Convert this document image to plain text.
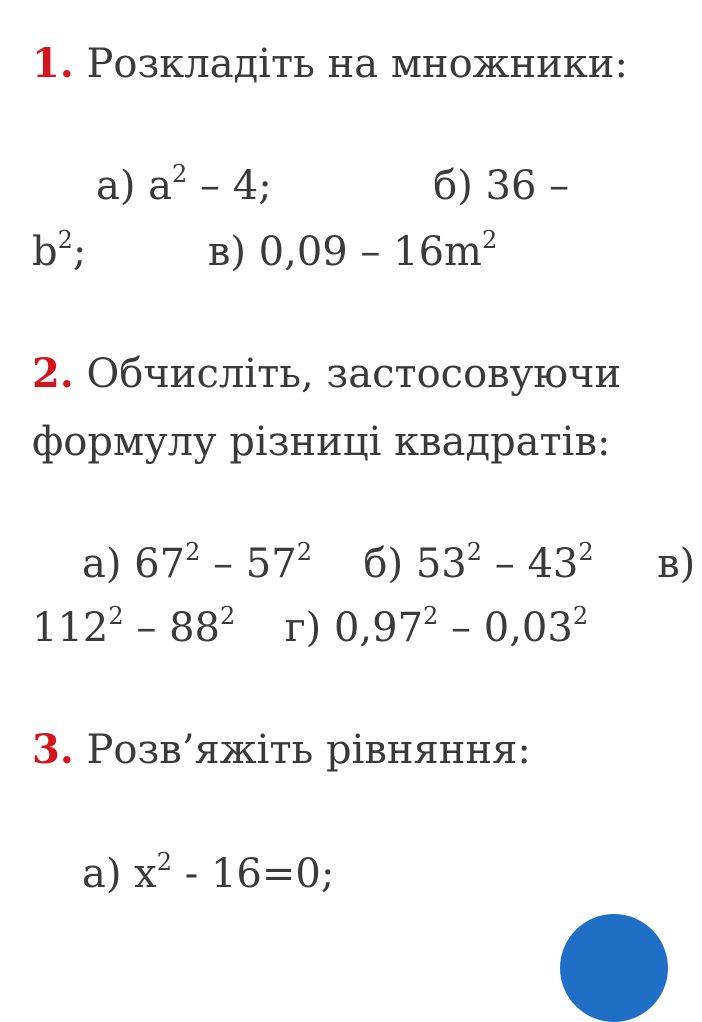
1. Розкладіть на множники:
а) $a^2 - 4$;	б) 36 –
$b^2$;	в) $0,09 - 16m^2$
2. Обчисліть, застосовуючи
формулу різниці квадратів:
а) $67^2 - 57^2$ б) $53^2 - 43^2$ в)
$112^2 - 88^2$ г) 0,97$^2$ – 0,03$^2$
3. Розв’яжіть рівняння:
а) $x^2 - 16=0$;
